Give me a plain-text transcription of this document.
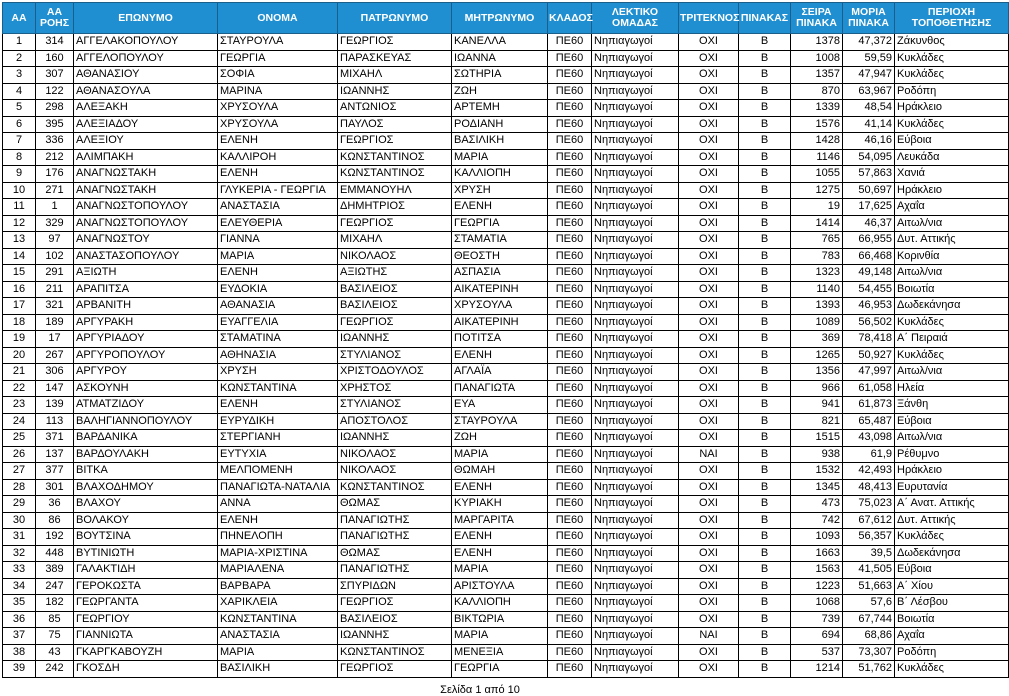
AA	AA ΡΟΗΣ	ΕΠΩΝΥΜΟ	ΟΝΟΜΑ	ΠΑΤΡΩΝΥΜΟ	ΜΗΤΡΩΝΥΜΟ	ΚΛΑΔΟΣ	ΛΕΚΤΙΚΟ ΟΜΑΔΑΣ	ΤΡΙΤΕΚΝΟΣ	ΠΙΝΑΚΑΣ	ΣΕΙΡΑ ΠΙΝΑΚΑ	ΜΟΡΙΑ ΠΙΝΑΚΑ	ΠΕΡΙΟΧΗ ΤΟΠΟΘΕΤΗΣΗΣ
1	314	ΑΓΓΕΛΑΚΟΠΟΥΛΟΥ	ΣΤΑΥΡΟΥΛΑ	ΓΕΩΡΓΙΟΣ	ΚΑΝΕΛΛΑ	ΠΕ60	Νηπιαγωγοί	ΟΧΙ	Β	1378	47,372	Ζάκυνθος
2	160	ΑΓΓΕΛΟΠΟΥΛΟΥ	ΓΕΩΡΓΙΑ	ΠΑΡΑΣΚΕΥΑΣ	ΙΩΑΝΝΑ	ΠΕ60	Νηπιαγωγοί	ΟΧΙ	Β	1008	59,59	Κυκλάδες
3	307	ΑΘΑΝΑΣΙΟΥ	ΣΟΦΙΑ	ΜΙΧΑΗΛ	ΣΩΤΗΡΙΑ	ΠΕ60	Νηπιαγωγοί	ΟΧΙ	Β	1357	47,947	Κυκλάδες
4	122	ΑΘΑΝΑΣΟΥΛΑ	ΜΑΡΙΝΑ	ΙΩΑΝΝΗΣ	ΖΩΗ	ΠΕ60	Νηπιαγωγοί	ΟΧΙ	Β	870	63,967	Ροδόπη
5	298	ΑΛΕΞΑΚΗ	ΧΡΥΣΟΥΛΑ	ΑΝΤΩΝΙΟΣ	ΑΡΤΕΜΗ	ΠΕ60	Νηπιαγωγοί	ΟΧΙ	Β	1339	48,54	Ηράκλειο
6	395	ΑΛΕΞΙΑΔΟΥ	ΧΡΥΣΟΥΛΑ	ΠΑΥΛΟΣ	ΡΟΔΙΑΝΗ	ΠΕ60	Νηπιαγωγοί	ΟΧΙ	Β	1576	41,14	Κυκλάδες
7	336	ΑΛΕΞΙΟΥ	ΕΛΕΝΗ	ΓΕΩΡΓΙΟΣ	ΒΑΣΙΛΙΚΗ	ΠΕ60	Νηπιαγωγοί	ΟΧΙ	Β	1428	46,16	Εύβοια
8	212	ΑΛΙΜΠΑΚΗ	ΚΑΛΛΙΡΟΗ	ΚΩΝΣΤΑΝΤΙΝΟΣ	ΜΑΡΙΑ	ΠΕ60	Νηπιαγωγοί	ΟΧΙ	Β	1146	54,095	Λευκάδα
9	176	ΑΝΑΓΝΩΣΤΑΚΗ	ΕΛΕΝΗ	ΚΩΝΣΤΑΝΤΙΝΟΣ	ΚΑΛΛΙΟΠΗ	ΠΕ60	Νηπιαγωγοί	ΟΧΙ	Β	1055	57,863	Χανιά
10	271	ΑΝΑΓΝΩΣΤΑΚΗ	ΓΛΥΚΕΡΙΑ - ΓΕΩΡΓΙΑ	ΕΜΜΑΝΟΥΗΛ	ΧΡΥΣΗ	ΠΕ60	Νηπιαγωγοί	ΟΧΙ	Β	1275	50,697	Ηράκλειο
11	1	ΑΝΑΓΝΩΣΤΟΠΟΥΛΟΥ	ΑΝΑΣΤΑΣΙΑ	ΔΗΜΗΤΡΙΟΣ	ΕΛΕΝΗ	ΠΕ60	Νηπιαγωγοί	ΟΧΙ	Β	19	17,625	Αχαΐα
12	329	ΑΝΑΓΝΩΣΤΟΠΟΥΛΟΥ	ΕΛΕΥΘΕΡΙΑ	ΓΕΩΡΓΙΟΣ	ΓΕΩΡΓΙΑ	ΠΕ60	Νηπιαγωγοί	ΟΧΙ	Β	1414	46,37	Αιτωλ/νια
13	97	ΑΝΑΓΝΩΣΤΟΥ	ΓΙΑΝΝΑ	ΜΙΧΑΗΛ	ΣΤΑΜΑΤΙΑ	ΠΕ60	Νηπιαγωγοί	ΟΧΙ	Β	765	66,955	Δυτ. Αττικής
14	102	ΑΝΑΣΤΑΣΟΠΟΥΛΟΥ	ΜΑΡΙΑ	ΝΙΚΟΛΑΟΣ	ΘΕΟΣΤΗ	ΠΕ60	Νηπιαγωγοί	ΟΧΙ	Β	783	66,468	Κορινθία
15	291	ΑΞΙΩΤΗ	ΕΛΕΝΗ	ΑΞΙΩΤΗΣ	ΑΣΠΑΣΙΑ	ΠΕ60	Νηπιαγωγοί	ΟΧΙ	Β	1323	49,148	Αιτωλ/νια
16	211	ΑΡΑΠΙΤΣΑ	ΕΥΔΟΚΙΑ	ΒΑΣΙΛΕΙΟΣ	ΑΙΚΑΤΕΡΙΝΗ	ΠΕ60	Νηπιαγωγοί	ΟΧΙ	Β	1140	54,455	Βοιωτία
17	321	ΑΡΒΑΝΙΤΗ	ΑΘΑΝΑΣΙΑ	ΒΑΣΙΛΕΙΟΣ	ΧΡΥΣΟΥΛΑ	ΠΕ60	Νηπιαγωγοί	ΟΧΙ	Β	1393	46,953	Δωδεκάνησα
18	189	ΑΡΓΥΡΑΚΗ	ΕΥΑΓΓΕΛΙΑ	ΓΕΩΡΓΙΟΣ	ΑΙΚΑΤΕΡΙΝΗ	ΠΕ60	Νηπιαγωγοί	ΟΧΙ	Β	1089	56,502	Κυκλάδες
19	17	ΑΡΓΥΡΙΑΔΟΥ	ΣΤΑΜΑΤΙΝΑ	ΙΩΑΝΝΗΣ	ΠΟΤΙΤΣΑ	ΠΕ60	Νηπιαγωγοί	ΟΧΙ	Β	369	78,418	Α΄ Πειραιά
20	267	ΑΡΓΥΡΟΠΟΥΛΟΥ	ΑΘΗΝΑΣΙΑ	ΣΤΥΛΙΑΝΟΣ	ΕΛΕΝΗ	ΠΕ60	Νηπιαγωγοί	ΟΧΙ	Β	1265	50,927	Κυκλάδες
21	306	ΑΡΓΥΡΟΥ	ΧΡΥΣΗ	ΧΡΙΣΤΟΔΟΥΛΟΣ	ΑΓΛΑΪΑ	ΠΕ60	Νηπιαγωγοί	ΟΧΙ	Β	1356	47,997	Αιτωλ/νια
22	147	ΑΣΚΟΥΝΗ	ΚΩΝΣΤΑΝΤΙΝΑ	ΧΡΗΣΤΟΣ	ΠΑΝΑΓΙΩΤΑ	ΠΕ60	Νηπιαγωγοί	ΟΧΙ	Β	966	61,058	Ηλεία
23	139	ΑΤΜΑΤΖΙΔΟΥ	ΕΛΕΝΗ	ΣΤΥΛΙΑΝΟΣ	ΕΥΑ	ΠΕ60	Νηπιαγωγοί	ΟΧΙ	Β	941	61,873	Ξάνθη
24	113	ΒΑΛΗΓΙΑΝΝΟΠΟΥΛΟΥ	ΕΥΡΥΔΙΚΗ	ΑΠΟΣΤΟΛΟΣ	ΣΤΑΥΡΟΥΛΑ	ΠΕ60	Νηπιαγωγοί	ΟΧΙ	Β	821	65,487	Εύβοια
25	371	ΒΑΡΔΑΝΙΚΑ	ΣΤΕΡΓΙΑΝΗ	ΙΩΑΝΝΗΣ	ΖΩΗ	ΠΕ60	Νηπιαγωγοί	ΟΧΙ	Β	1515	43,098	Αιτωλ/νια
26	137	ΒΑΡΔΟΥΛΑΚΗ	ΕΥΤΥΧΙΑ	ΝΙΚΟΛΑΟΣ	ΜΑΡΙΑ	ΠΕ60	Νηπιαγωγοί	ΝΑΙ	Β	938	61,9	Ρέθυμνο
27	377	ΒΙΤΚΑ	ΜΕΛΠΟΜΕΝΗ	ΝΙΚΟΛΑΟΣ	ΘΩΜΑΗ	ΠΕ60	Νηπιαγωγοί	ΟΧΙ	Β	1532	42,493	Ηράκλειο
28	301	ΒΛΑΧΟΔΗΜΟΥ	ΠΑΝΑΓΙΩΤΑ-ΝΑΤΑΛΙΑ	ΚΩΝΣΤΑΝΤΙΝΟΣ	ΕΛΕΝΗ	ΠΕ60	Νηπιαγωγοί	ΟΧΙ	Β	1345	48,413	Ευρυτανία
29	36	ΒΛΑΧΟΥ	ΑΝΝΑ	ΘΩΜΑΣ	ΚΥΡΙΑΚΗ	ΠΕ60	Νηπιαγωγοί	ΟΧΙ	Β	473	75,023	Α΄ Ανατ. Αττικής
30	86	ΒΟΛΑΚΟΥ	ΕΛΕΝΗ	ΠΑΝΑΓΙΩΤΗΣ	ΜΑΡΓΑΡΙΤΑ	ΠΕ60	Νηπιαγωγοί	ΟΧΙ	Β	742	67,612	Δυτ. Αττικής
31	192	ΒΟΥΤΣΙΝΑ	ΠΗΝΕΛΟΠΗ	ΠΑΝΑΓΙΩΤΗΣ	ΕΛΕΝΗ	ΠΕ60	Νηπιαγωγοί	ΟΧΙ	Β	1093	56,357	Κυκλάδες
32	448	ΒΥΤΙΝΙΩΤΗ	ΜΑΡΙΑ-ΧΡΙΣΤΙΝΑ	ΘΩΜΑΣ	ΕΛΕΝΗ	ΠΕ60	Νηπιαγωγοί	ΟΧΙ	Β	1663	39,5	Δωδεκάνησα
33	389	ΓΑΛΑΚΤΙΔΗ	ΜΑΡΙΑΛΕΝΑ	ΠΑΝΑΓΙΩΤΗΣ	ΜΑΡΙΑ	ΠΕ60	Νηπιαγωγοί	ΟΧΙ	Β	1563	41,505	Εύβοια
34	247	ΓΕΡΟΚΩΣΤΑ	ΒΑΡΒΑΡΑ	ΣΠΥΡΙΔΩΝ	ΑΡΙΣΤΟΥΛΑ	ΠΕ60	Νηπιαγωγοί	ΟΧΙ	Β	1223	51,663	Α΄ Χίου
35	182	ΓΕΩΡΓΑΝΤΑ	ΧΑΡΙΚΛΕΙΑ	ΓΕΩΡΓΙΟΣ	ΚΑΛΛΙΟΠΗ	ΠΕ60	Νηπιαγωγοί	ΟΧΙ	Β	1068	57,6	Β΄ Λέσβου
36	85	ΓΕΩΡΓΙΟΥ	ΚΩΝΣΤΑΝΤΙΝΑ	ΒΑΣΙΛΕΙΟΣ	ΒΙΚΤΩΡΙΑ	ΠΕ60	Νηπιαγωγοί	ΟΧΙ	Β	739	67,744	Βοιωτία
37	75	ΓΙΑΝΝΙΩΤΑ	ΑΝΑΣΤΑΣΙΑ	ΙΩΑΝΝΗΣ	ΜΑΡΙΑ	ΠΕ60	Νηπιαγωγοί	ΝΑΙ	Β	694	68,86	Αχαΐα
38	43	ΓΚΑΡΓΚΑΒΟΥΖΗ	ΜΑΡΙΑ	ΚΩΝΣΤΑΝΤΙΝΟΣ	ΜΕΝΕΞΙΑ	ΠΕ60	Νηπιαγωγοί	ΟΧΙ	Β	537	73,307	Ροδόπη
39	242	ΓΚΟΣΔΗ	ΒΑΣΙΛΙΚΗ	ΓΕΩΡΓΙΟΣ	ΓΕΩΡΓΙΑ	ΠΕ60	Νηπιαγωγοί	ΟΧΙ	Β	1214	51,762	Κυκλάδες
Σελίδα 1 από 10
